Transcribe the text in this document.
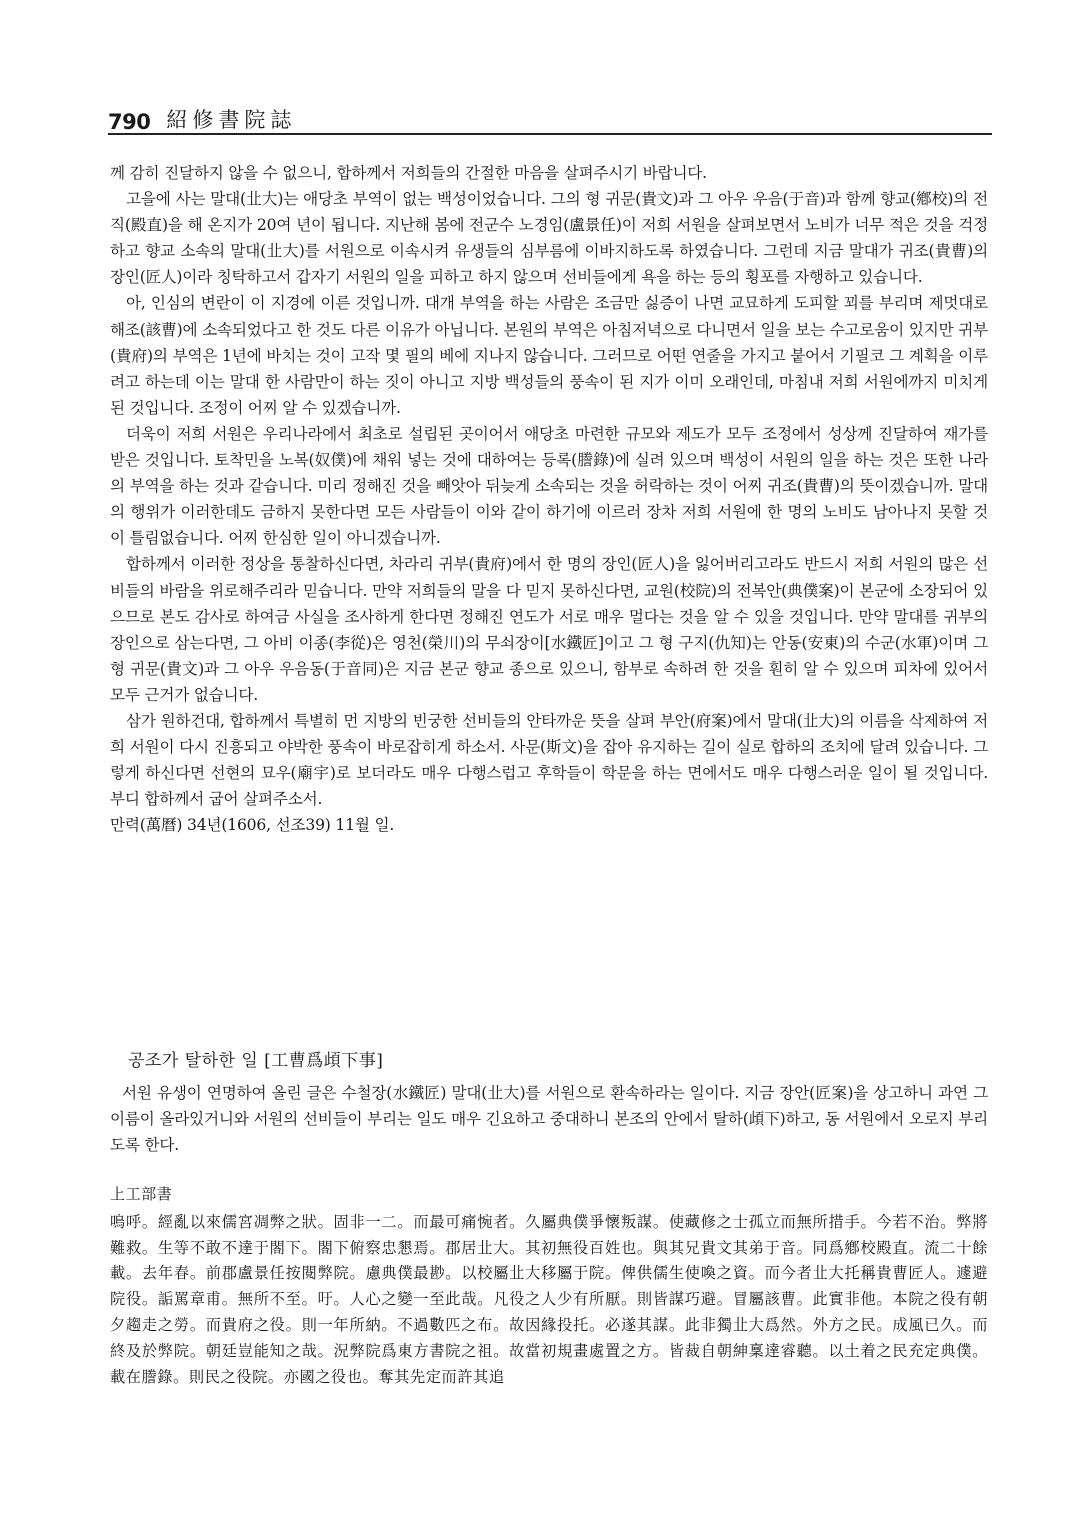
790 紹修書院誌

께 감히 진달하지 않을 수 없으니, 합하께서 저희들의 간절한 마음을 살펴주시기 바랍니다.

고을에 사는 말대(㐀大)는 애당초 부역이 없는 백성이었습니다. 그의 형 귀문(貴文)과 그 아우 우음(于音)과 함께 향교(鄕校)의 전직(殿直)을 해 온지가 20여 년이 됩니다. 지난해 봄에 전군수 노경임(盧景任)이 저희 서원을 살펴보면서 노비가 너무 적은 것을 걱정하고 향교 소속의 말대(㐀大)를 서원으로 이속시켜 유생들의 심부름에 이바지하도록 하였습니다. 그런데 지금 말대가 귀조(貴曹)의 장인(匠人)이라 칭탁하고서 갑자기 서원의 일을 피하고 하지 않으며 선비들에게 욕을 하는 등의 횡포를 자행하고 있습니다.

아, 인심의 변란이 이 지경에 이른 것입니까. 대개 부역을 하는 사람은 조금만 싫증이 나면 교묘하게 도피할 꾀를 부리며 제멋대로 해조(該曹)에 소속되었다고 한 것도 다른 이유가 아닙니다. 본원의 부역은 아침저녁으로 다니면서 일을 보는 수고로움이 있지만 귀부(貴府)의 부역은 1년에 바치는 것이 고작 몇 필의 베에 지나지 않습니다. 그러므로 어떤 연줄을 가지고 붙어서 기필코 그 계획을 이루려고 하는데 이는 말대 한 사람만이 하는 짓이 아니고 지방 백성들의 풍속이 된 지가 이미 오래인데, 마침내 저희 서원에까지 미치게 된 것입니다. 조정이 어찌 알 수 있겠습니까.

더욱이 저희 서원은 우리나라에서 최초로 설립된 곳이어서 애당초 마련한 규모와 제도가 모두 조정에서 성상께 진달하여 재가를 받은 것입니다. 토착민을 노복(奴僕)에 채워 넣는 것에 대하여는 등록(謄錄)에 실려 있으며 백성이 서원의 일을 하는 것은 또한 나라의 부역을 하는 것과 같습니다. 미리 정해진 것을 빼앗아 뒤늦게 소속되는 것을 허락하는 것이 어찌 귀조(貴曹)의 뜻이겠습니까. 말대의 행위가 이러한데도 금하지 못한다면 모든 사람들이 이와 같이 하기에 이르러 장차 저희 서원에 한 명의 노비도 남아나지 못할 것이 틀림없습니다. 어찌 한심한 일이 아니겠습니까.

합하께서 이러한 정상을 통찰하신다면, 차라리 귀부(貴府)에서 한 명의 장인(匠人)을 잃어버리고라도 반드시 저희 서원의 많은 선비들의 바람을 위로해주리라 믿습니다. 만약 저희들의 말을 다 믿지 못하신다면, 교원(校院)의 전복안(典僕案)이 본군에 소장되어 있으므로 본도 감사로 하여금 사실을 조사하게 한다면 정해진 연도가 서로 매우 멀다는 것을 알 수 있을 것입니다. 만약 말대를 귀부의 장인으로 삼는다면, 그 아비 이종(李從)은 영천(榮川)의 무쇠장이[水鐵匠]이고 그 형 구지(仇知)는 안동(安東)의 수군(水軍)이며 그 형 귀문(貴文)과 그 아우 우음동(于音同)은 지금 본군 향교 종으로 있으니, 함부로 속하려 한 것을 훤히 알 수 있으며 피차에 있어서 모두 근거가 없습니다.

삼가 원하건대, 합하께서 특별히 먼 지방의 빈궁한 선비들의 안타까운 뜻을 살펴 부안(府案)에서 말대(㐀大)의 이름을 삭제하여 저희 서원이 다시 진흥되고 야박한 풍속이 바로잡히게 하소서. 사문(斯文)을 잡아 유지하는 길이 실로 합하의 조치에 달려 있습니다. 그렇게 하신다면 선현의 묘우(廟宇)로 보더라도 매우 다행스럽고 후학들이 학문을 하는 면에서도 매우 다행스러운 일이 될 것입니다. 부디 합하께서 굽어 살펴주소서.

만력(萬曆) 34년(1606, 선조39) 11월 일.

공조가 탈하한 일 [工曹爲頉下事]

서원 유생이 연명하여 올린 글은 수철장(水鐵匠) 말대(㐀大)를 서원으로 환속하라는 일이다. 지금 장안(匠案)을 상고하니 과연 그 이름이 올라있거니와 서원의 선비들이 부리는 일도 매우 긴요하고 중대하니 본조의 안에서 탈하(頉下)하고, 동 서원에서 오로지 부리도록 한다.

上工部書

嗚呼。經亂以來儒宮凋弊之狀。固非一二。而最可痛惋者。久屬典僕爭懷叛謀。使藏修之士孤立而無所措手。今若不治。弊將難救。生等不敢不達于閤下。閤下俯察忠懇焉。郡居㐀大。其初無役百姓也。與其兄貴文其弟于音。同爲鄕校殿直。流二十餘載。去年春。前郡盧景任按閱弊院。慮典僕最尠。以校屬㐀大移屬于院。俾供儒生使喚之資。而今者㐀大托稱貴曹匠人。遽避院役。詬罵章甫。無所不至。吁。人心之變一至此哉。凡役之人少有所厭。則皆謀巧避。冒屬該曹。此實非他。本院之役有朝夕趨走之勞。而貴府之役。則一年所納。不過數匹之布。故因緣投托。必遂其謀。此非獨㐀大爲然。外方之民。成風已久。而終及於弊院。朝廷豈能知之哉。況弊院爲東方書院之祖。故當初規畫處置之方。皆裁自朝紳稟達睿聽。以土着之民充定典僕。載在謄錄。則民之役院。亦國之役也。奪其先定而許其追
